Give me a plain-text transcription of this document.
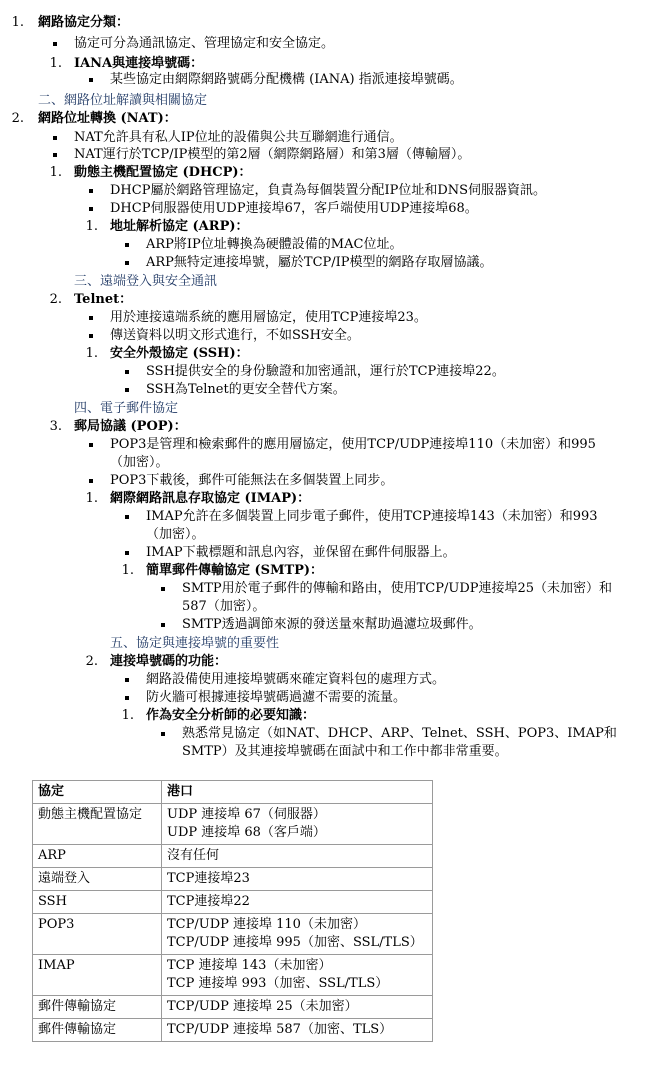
1. 網路協定分類：
協定可分為通訊協定、管理協定和安全協定。
1. IANA與連接埠號碼：
某些協定由網際網路號碼分配機構 (IANA) 指派連接埠號碼。
二、網路位址解讀與相關協定
2. 網路位址轉換 (NAT)：
NAT允許具有私人IP位址的設備與公共互聯網進行通信。
NAT運行於TCP/IP模型的第2層（網際網路層）和第3層（傳輸層）。
1. 動態主機配置協定 (DHCP)：
DHCP屬於網路管理協定，負責為每個裝置分配IP位址和DNS伺服器資訊。
DHCP伺服器使用UDP連接埠67，客戶端使用UDP連接埠68。
1. 地址解析協定 (ARP)：
ARP將IP位址轉換為硬體設備的MAC位址。
ARP無特定連接埠號，屬於TCP/IP模型的網路存取層協議。
三、遠端登入與安全通訊
2. Telnet：
用於連接遠端系統的應用層協定，使用TCP連接埠23。
傳送資料以明文形式進行，不如SSH安全。
1. 安全外殼協定 (SSH)：
SSH提供安全的身份驗證和加密通訊，運行於TCP連接埠22。
SSH為Telnet的更安全替代方案。
四、電子郵件協定
3. 郵局協議 (POP)：
POP3是管理和檢索郵件的應用層協定，使用TCP/UDP連接埠110（未加密）和995
（加密）。
POP3下載後，郵件可能無法在多個裝置上同步。
1. 網際網路訊息存取協定 (IMAP)：
IMAP允許在多個裝置上同步電子郵件，使用TCP連接埠143（未加密）和993
（加密）。
IMAP下載標題和訊息內容，並保留在郵件伺服器上。
1. 簡單郵件傳輸協定 (SMTP)：
SMTP用於電子郵件的傳輸和路由，使用TCP/UDP連接埠25（未加密）和
587（加密）。
SMTP透過調節來源的發送量來幫助過濾垃圾郵件。
五、協定與連接埠號的重要性
2. 連接埠號碼的功能：
網路設備使用連接埠號碼來確定資料包的處理方式。
防火牆可根據連接埠號碼過濾不需要的流量。
1. 作為安全分析師的必要知識：
熟悉常見協定（如NAT、DHCP、ARP、Telnet、SSH、POP3、IMAP和
SMTP）及其連接埠號碼在面試中和工作中都非常重要。
協定	港口
動態主機配置協定	UDP 連接埠 67（伺服器）
UDP 連接埠 68（客戶端）

ARP	沒有任何

遠端登入	TCP連接埠23

SSH	TCP連接埠22

POP3	TCP/UDP 連接埠 110（未加密）
TCP/UDP 連接埠 995（加密、SSL/TLS）

IMAP	TCP 連接埠 143（未加密）
TCP 連接埠 993（加密、SSL/TLS）

郵件傳輸協定	TCP/UDP 連接埠 25（未加密）

郵件傳輸協定	TCP/UDP 連接埠 587（加密、TLS）
